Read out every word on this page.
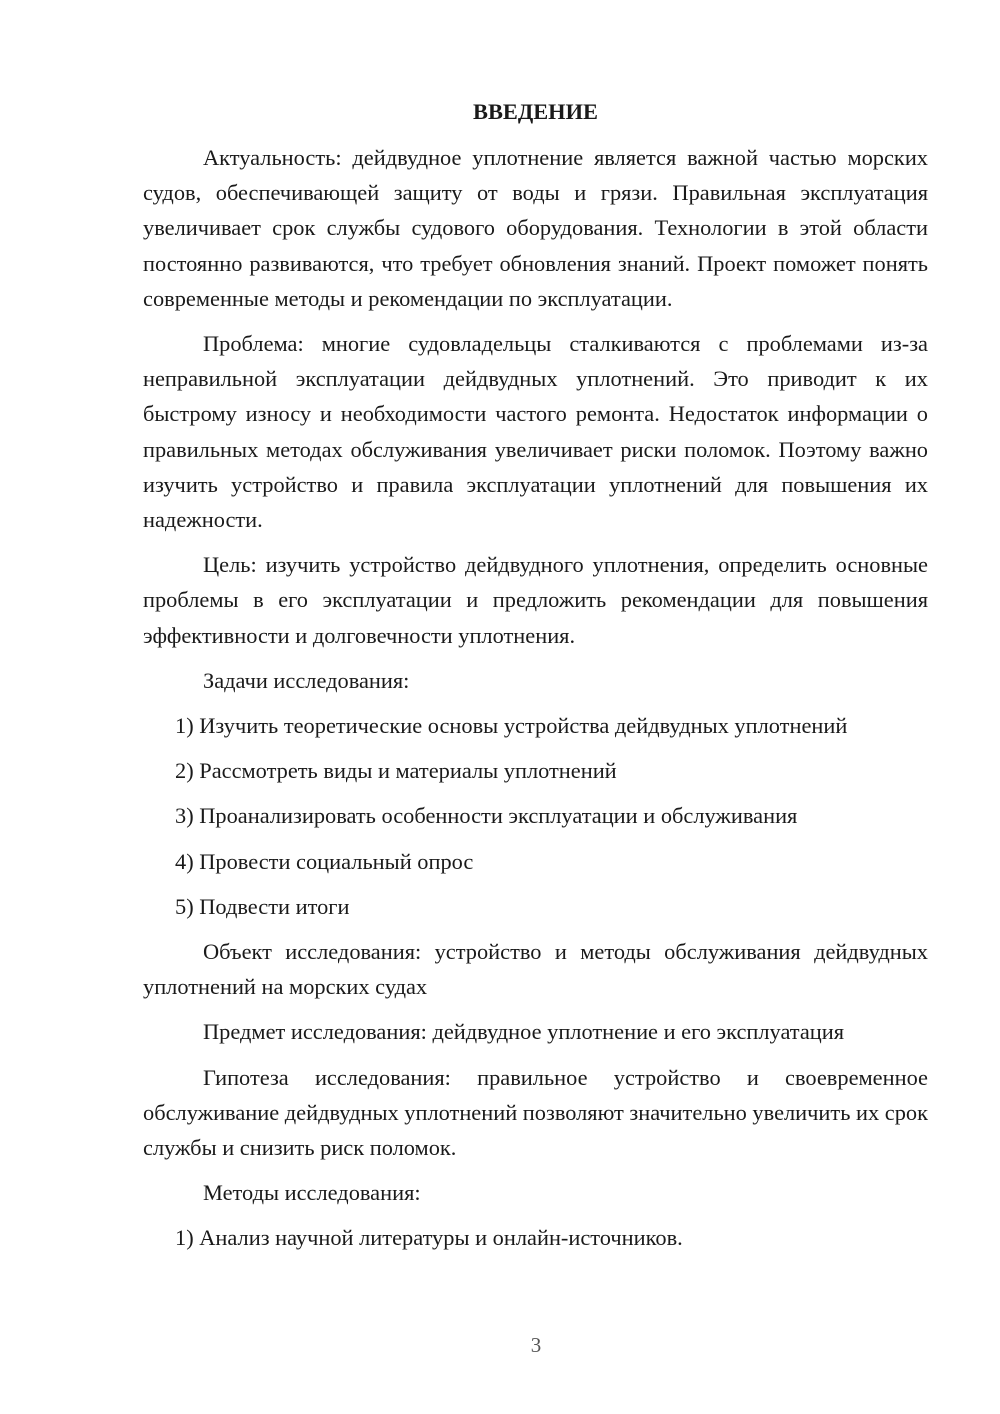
ВВЕДЕНИЕ

Актуальность: дейдвудное уплотнение является важной частью морских судов, обеспечивающей защиту от воды и грязи. Правильная эксплуатация увеличивает срок службы судового оборудования. Технологии в этой области постоянно развиваются, что требует обновления знаний. Проект поможет понять современные методы и рекомендации по эксплуатации.

Проблема: многие судовладельцы сталкиваются с проблемами из-за неправильной эксплуатации дейдвудных уплотнений. Это приводит к их быстрому износу и необходимости частого ремонта. Недостаток информации о правильных методах обслуживания увеличивает риски поломок. Поэтому важно изучить устройство и правила эксплуатации уплотнений для повышения их надежности.

Цель: изучить устройство дейдвудного уплотнения, определить основные проблемы в его эксплуатации и предложить рекомендации для повышения эффективности и долговечности уплотнения.

Задачи исследования:

1) Изучить теоретические основы устройства дейдвудных уплотнений

2) Рассмотреть виды и материалы уплотнений

3) Проанализировать особенности эксплуатации и обслуживания

4) Провести социальный опрос

5) Подвести итоги

Объект исследования: устройство и методы обслуживания дейдвудных уплотнений на морских судах

Предмет исследования: дейдвудное уплотнение и его эксплуатация

Гипотеза исследования: правильное устройство и своевременное обслуживание дейдвудных уплотнений позволяют значительно увеличить их срок службы и снизить риск поломок.

Методы исследования:

1) Анализ научной литературы и онлайн-источников.

3
